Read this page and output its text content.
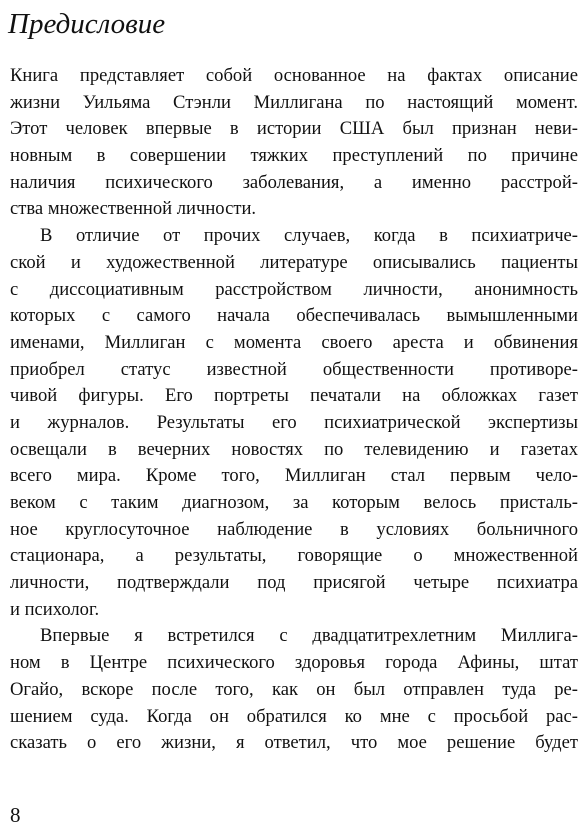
Предисловие
Книга представляет собой основанное на фактах описание
жизни Уильяма Стэнли Миллигана по настоящий момент.
Этот человек впервые в истории США был признан неви-
новным в совершении тяжких преступлений по причине
наличия психического заболевания, а именно расстрой-
ства множественной личности.
В отличие от прочих случаев, когда в психиатриче-
ской и художественной литературе описывались пациенты
с диссоциативным расстройством личности, анонимность
которых с самого начала обеспечивалась вымышленными
именами, Миллиган с момента своего ареста и обвинения
приобрел статус известной общественности противоре-
чивой фигуры. Его портреты печатали на обложках газет
и журналов. Результаты его психиатрической экспертизы
освещали в вечерних новостях по телевидению и газетах
всего мира. Кроме того, Миллиган стал первым чело-
веком с таким диагнозом, за которым велось присталь-
ное круглосуточное наблюдение в условиях больничного
стационара, а результаты, говорящие о множественной
личности, подтверждали под присягой четыре психиатра
и психолог.
Впервые я встретился с двадцатитрехлетним Миллига-
ном в Центре психического здоровья города Афины, штат
Огайо, вскоре после того, как он был отправлен туда ре-
шением суда. Когда он обратился ко мне с просьбой рас-
сказать о его жизни, я ответил, что мое решение будет
8
